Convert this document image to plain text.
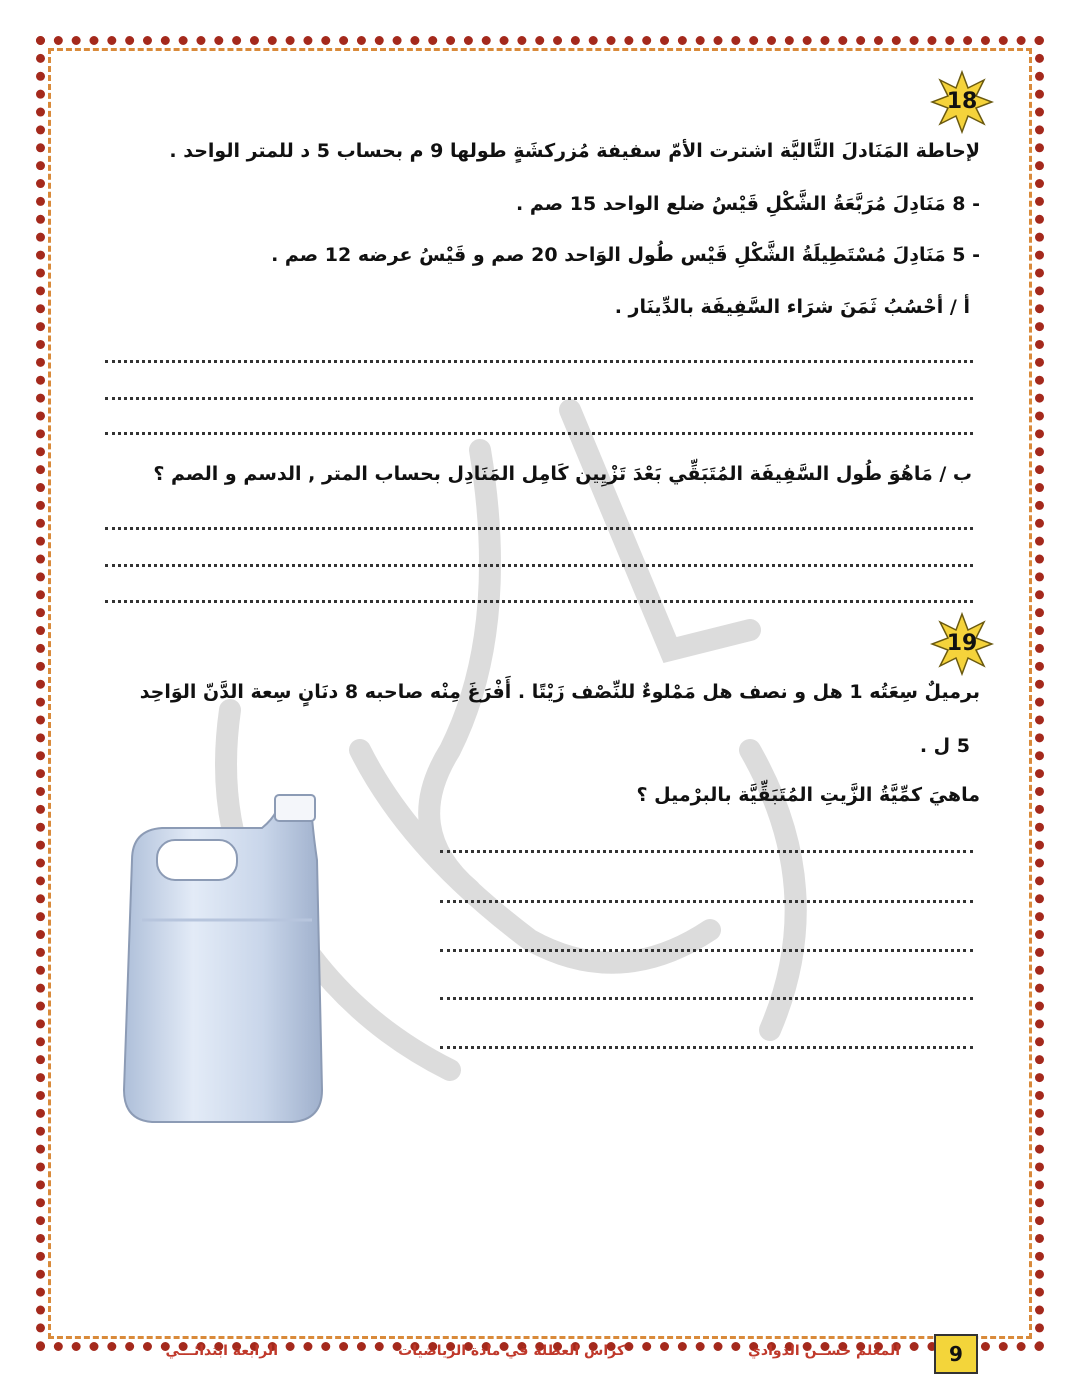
18
لإحاطة المَنَادلَ التَّاليَّة اشترت الأمّ سفيفة مُزركشَةٍ طولها 9 م بحساب 5 د للمتر الواحد .
- 8 مَنَادِلَ مُرَبَّعَةُ الشَّكْلِ قَيْسُ ضلع الواحد 15 صم .
- 5 مَنَادِلَ مُسْتَطِيلَةُ الشَّكْلِ قَيْس طُول الوَاحد 20 صم و قَيْسُ عرضه 12 صم .
أ / أحْسُبُ ثَمَنَ شرَاء السَّفِيفَة بالدِّينَار .
ب / مَاهُوَ طُول السَّفِيفَة المُتَبَقِّي بَعْدَ تَزْيِين كَامِل المَنَادِل بحساب المتر , الدسم و الصم ؟
19
برميلٌ سِعَتُه 1 هل و نصف هل مَمْلوءٌ للنِّصْف زَيْتًا . أَفْرَغَ مِنْه صاحبه 8 دنَانٍ سِعة الدَّنّ الوَاحِد
5 ل .
ماهيَ كمِّيَّةُ الزَّيتِ المُتَبَقِّيَّة بالبرْميل ؟
9
المعلم حســن الذوادي
كراس العطلة في مادة الرياضيات
الرابعة ابتدائـــي
